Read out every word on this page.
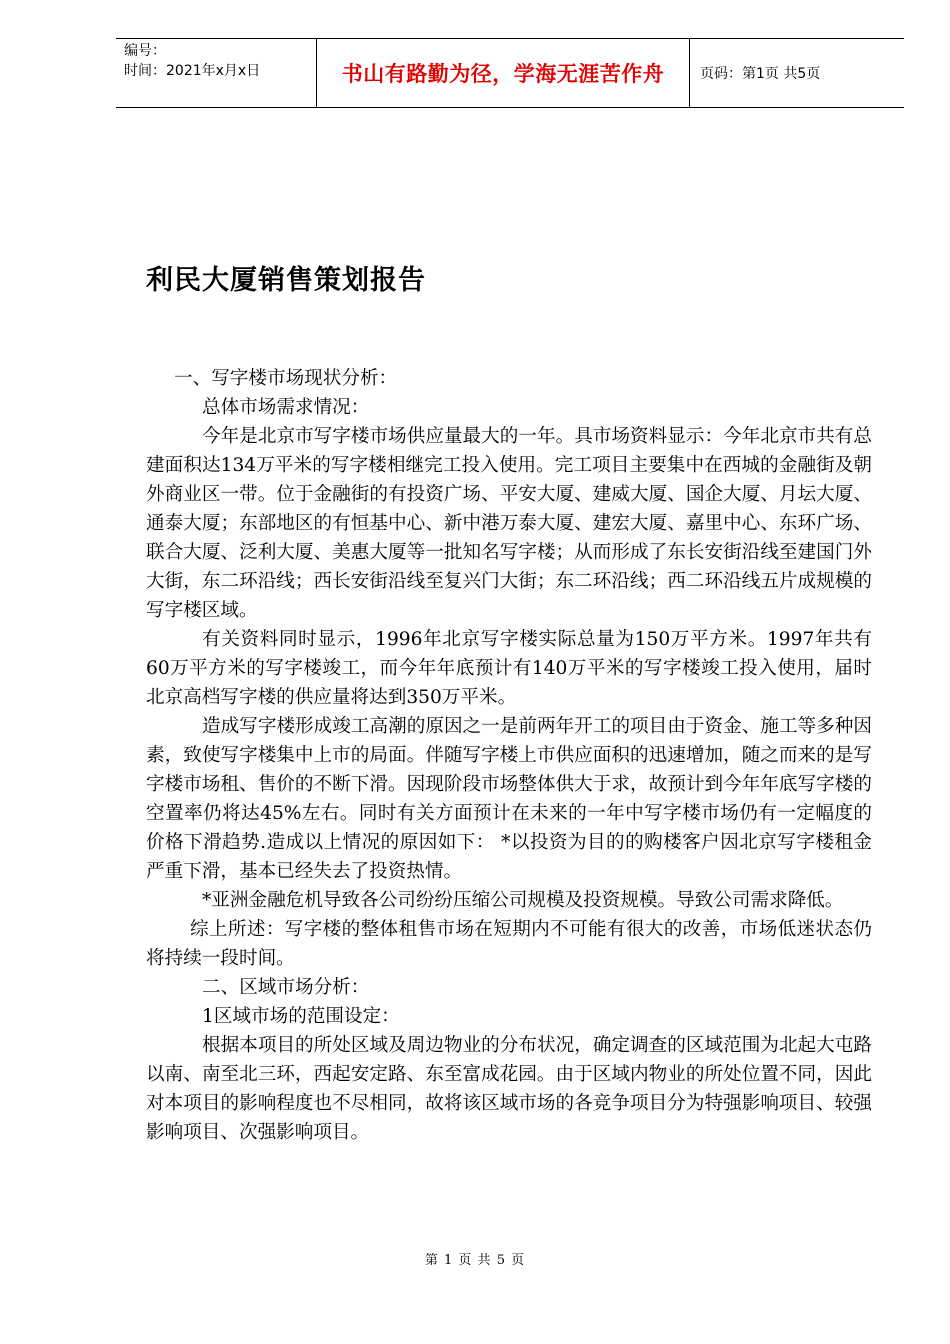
编号：
时间：2021年x月x日	书山有路勤为径，学海无涯苦作舟	页码：第1页 共5页
利民大厦销售策划报告

一、写字楼市场现状分析：

总体市场需求情况：

今年是北京市写字楼市场供应量最大的一年。具市场资料显示：今年北京市共有总建面积达134万平米的写字楼相继完工投入使用。完工项目主要集中在西城的金融街及朝外商业区一带。位于金融街的有投资广场、平安大厦、建威大厦、国企大厦、月坛大厦、通泰大厦；东部地区的有恒基中心、新中港万泰大厦、建宏大厦、嘉里中心、东环广场、联合大厦、泛利大厦、美惠大厦等一批知名写字楼；从而形成了东长安街沿线至建国门外大街，东二环沿线；西长安街沿线至复兴门大街；东二环沿线；西二环沿线五片成规模的写字楼区域。

有关资料同时显示，1996年北京写字楼实际总量为150万平方米。1997年共有60万平方米的写字楼竣工，而今年年底预计有140万平米的写字楼竣工投入使用，届时北京高档写字楼的供应量将达到350万平米。

造成写字楼形成竣工高潮的原因之一是前两年开工的项目由于资金、施工等多种因素，致使写字楼集中上市的局面。伴随写字楼上市供应面积的迅速增加，随之而来的是写字楼市场租、售价的不断下滑。因现阶段市场整体供大于求，故预计到今年年底写字楼的空置率仍将达45%左右。同时有关方面预计在未来的一年中写字楼市场仍有一定幅度的价格下滑趋势.造成以上情况的原因如下： *以投资为目的的购楼客户因北京写字楼租金严重下滑，基本已经失去了投资热情。

*亚洲金融危机导致各公司纷纷压缩公司规模及投资规模。导致公司需求降低。

综上所述：写字楼的整体租售市场在短期内不可能有很大的改善，市场低迷状态仍将持续一段时间。

二、区域市场分析：

1区域市场的范围设定：

根据本项目的所处区域及周边物业的分布状况，确定调查的区域范围为北起大屯路以南、南至北三环，西起安定路、东至富成花园。由于区域内物业的所处位置不同，因此对本项目的影响程度也不尽相同，故将该区域市场的各竞争项目分为特强影响项目、较强影响项目、次强影响项目。

第 1 页 共 5 页
